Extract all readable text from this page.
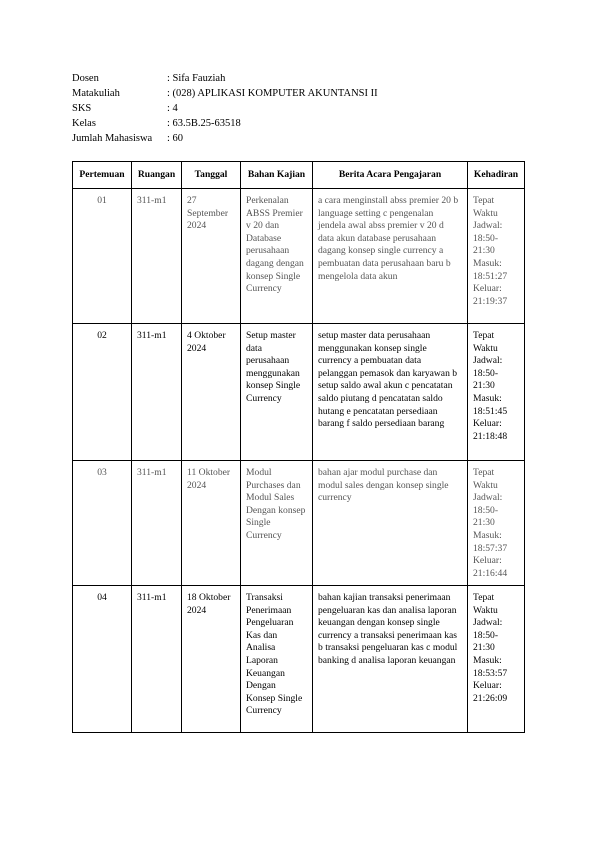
Dosen	: Sifa Fauziah
Matakuliah	: (028) APLIKASI KOMPUTER AKUNTANSI II
SKS	: 4
Kelas	: 63.5B.25-63518
Jumlah Mahasiswa	: 60
Pertemuan	Ruangan	Tanggal	Bahan Kajian	Berita Acara Pengajaran	Kehadiran
01	311-m1	27 September 2024	Perkenalan ABSS Premier v 20 dan Database perusahaan dagang dengan konsep Single Currency	a cara menginstall abss premier 20 b language setting c pengenalan jendela awal abss premier v 20 d data akun database perusahaan dagang konsep single currency a pembuatan data perusahaan baru b mengelola data akun	Tepat Waktu Jadwal: 18:50-21:30 Masuk: 18:51:27 Keluar: 21:19:37
02	311-m1	4 Oktober 2024	Setup master data perusahaan menggunakan konsep Single Currency	setup master data perusahaan menggunakan konsep single currency a pembuatan data pelanggan pemasok dan karyawan b setup saldo awal akun c pencatatan saldo piutang d pencatatan saldo hutang e pencatatan persediaan barang f saldo persediaan barang	Tepat Waktu Jadwal: 18:50-21:30 Masuk: 18:51:45 Keluar: 21:18:48
03	311-m1	11 Oktober 2024	Modul Purchases dan Modul Sales Dengan konsep Single Currency	bahan ajar modul purchase dan modul sales dengan konsep single currency	Tepat Waktu Jadwal: 18:50-21:30 Masuk: 18:57:37 Keluar: 21:16:44
04	311-m1	18 Oktober 2024	Transaksi Penerimaan Pengeluaran Kas dan Analisa Laporan Keuangan Dengan Konsep Single Currency	bahan kajian transaksi penerimaan pengeluaran kas dan analisa laporan keuangan dengan konsep single currency a transaksi penerimaan kas b transaksi pengeluaran kas c modul banking d analisa laporan keuangan	Tepat Waktu Jadwal: 18:50-21:30 Masuk: 18:53:57 Keluar: 21:26:09
